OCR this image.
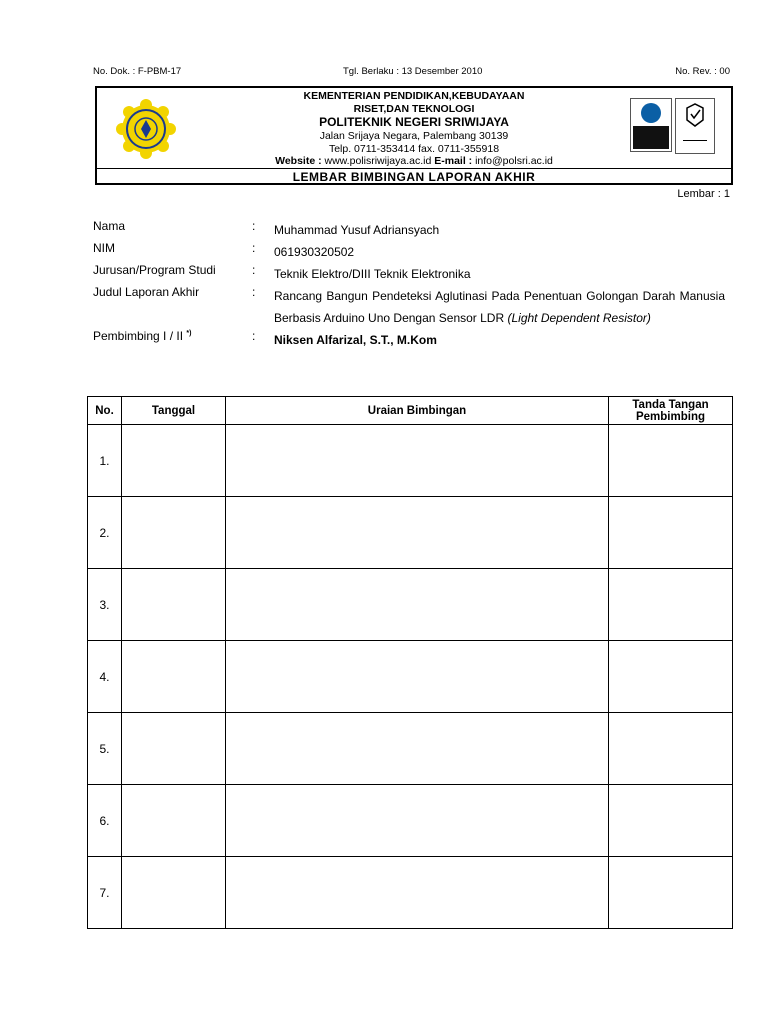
No. Dok. : F-PBM-17	Tgl. Berlaku : 13 Desember 2010	No. Rev. : 00
KEMENTERIAN PENDIDIKAN,KEBUDAYAAN
RISET,DAN TEKNOLOGI
POLITEKNIK NEGERI SRIWIJAYA
Jalan Srijaya Negara, Palembang 30139
Telp. 0711-353414 fax. 0711-355918
Website : www.polisriwijaya.ac.id E-mail : info@polsri.ac.id
LEMBAR BIMBINGAN LAPORAN AKHIR
Lembar : 1
Nama	: Muhammad Yusuf Adriansyach
NIM	: 061930320502
Jurusan/Program Studi	: Teknik Elektro/DIII Teknik Elektronika
Judul Laporan Akhir	: Rancang Bangun Pendeteksi Aglutinasi Pada Penentuan Golongan Darah Manusia Berbasis Arduino Uno Dengan Sensor LDR (Light Dependent Resistor)
Pembimbing I / II *)	: Niksen Alfarizal, S.T., M.Kom
No.	Tanggal	Uraian Bimbingan	Tanda Tangan Pembimbing
1.			
2.			
3.			
4.			
5.			
6.			
7.			
